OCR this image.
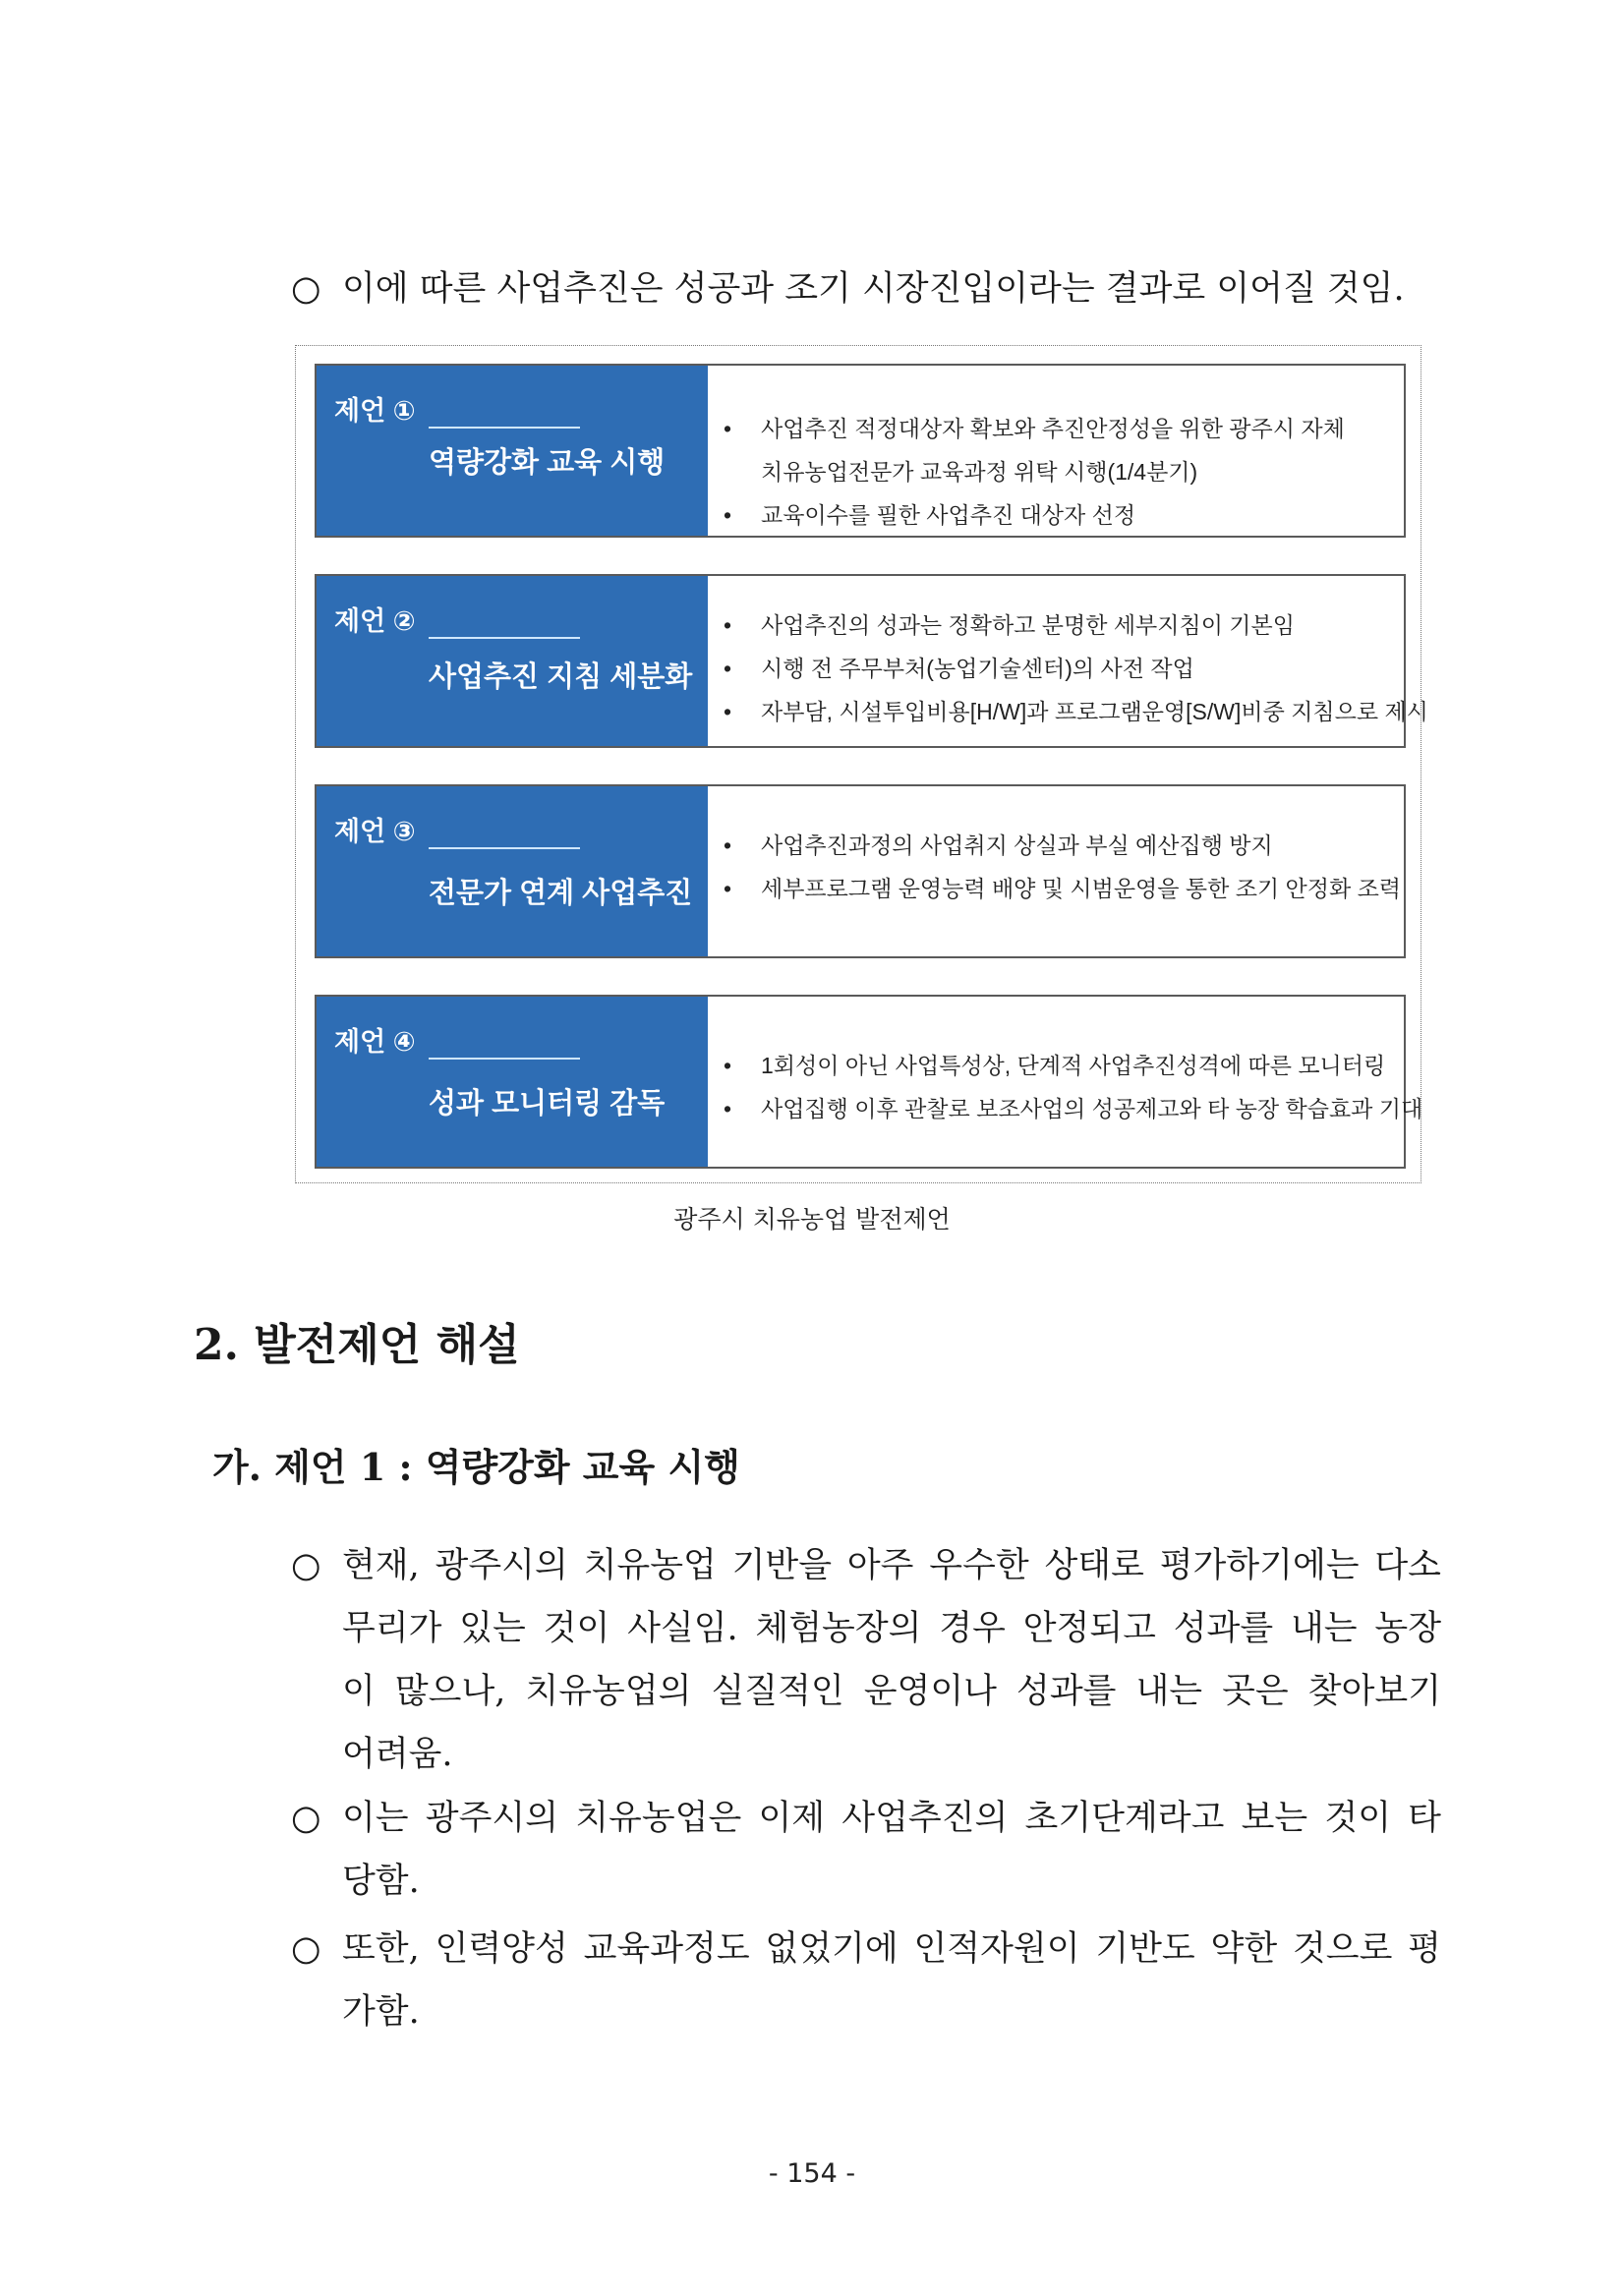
○ 이에 따른 사업추진은 성공과 조기 시장진입이라는 결과로 이어질 것임.
제언 ①
역량강화 교육 시행
• 사업추진 적정대상자 확보와 추진안정성을 위한 광주시 자체
치유농업전문가 교육과정 위탁 시행(1/4분기)
• 교육이수를 필한 사업추진 대상자 선정
제언 ②
사업추진 지침 세분화
• 사업추진의 성과는 정확하고 분명한 세부지침이 기본임
• 시행 전 주무부처(농업기술센터)의 사전 작업
• 자부담, 시설투입비용[H/W]과 프로그램운영[S/W]비중 지침으로 제시
제언 ③
전문가 연계 사업추진
• 사업추진과정의 사업취지 상실과 부실 예산집행 방지
• 세부프로그램 운영능력 배양 및 시범운영을 통한 조기 안정화 조력
제언 ④
성과 모니터링 감독
• 1회성이 아닌 사업특성상, 단계적 사업추진성격에 따른 모니터링
• 사업집행 이후 관찰로 보조사업의 성공제고와 타 농장 학습효과 기대
광주시 치유농업 발전제언
2. 발전제언 해설
가. 제언 1 : 역량강화 교육 시행
○ 현재, 광주시의 치유농업 기반을 아주 우수한 상태로 평가하기에는 다소
무리가 있는 것이 사실임. 체험농장의 경우 안정되고 성과를 내는 농장
이 많으나, 치유농업의 실질적인 운영이나 성과를 내는 곳은 찾아보기
어려움.
○ 이는 광주시의 치유농업은 이제 사업추진의 초기단계라고 보는 것이 타
당함.
○ 또한, 인력양성 교육과정도 없었기에 인적자원이 기반도 약한 것으로 평
가함.
- 154 -
